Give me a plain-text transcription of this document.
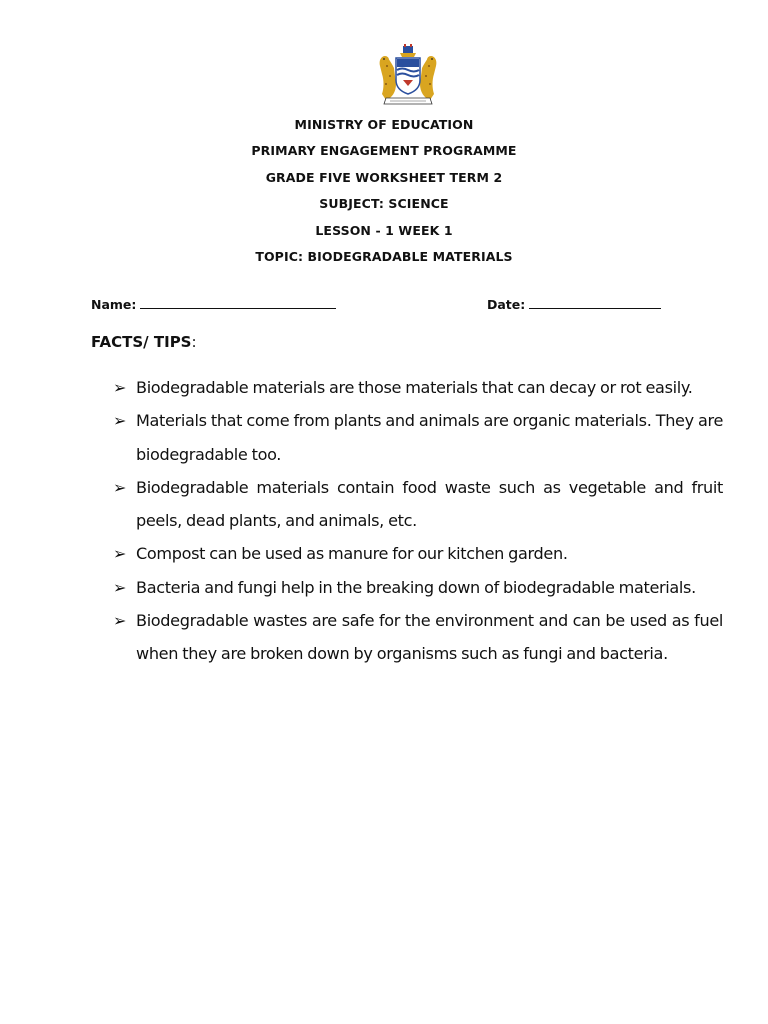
MINISTRY OF EDUCATION
PRIMARY ENGAGEMENT PROGRAMME
GRADE FIVE WORKSHEET TERM 2
SUBJECT: SCIENCE
LESSON - 1 WEEK 1
TOPIC: BIODEGRADABLE MATERIALS
Name:	Date:
FACTS/ TIPS:
➢ Biodegradable materials are those materials that can decay or rot easily.
➢ Materials that come from plants and animals are organic materials. They are biodegradable too.
➢ Biodegradable materials contain food waste such as vegetable and fruit peels, dead plants, and animals, etc.
➢ Compost can be used as manure for our kitchen garden.
➢ Bacteria and fungi help in the breaking down of biodegradable materials.
➢ Biodegradable wastes are safe for the environment and can be used as fuel when they are broken down by organisms such as fungi and bacteria.
